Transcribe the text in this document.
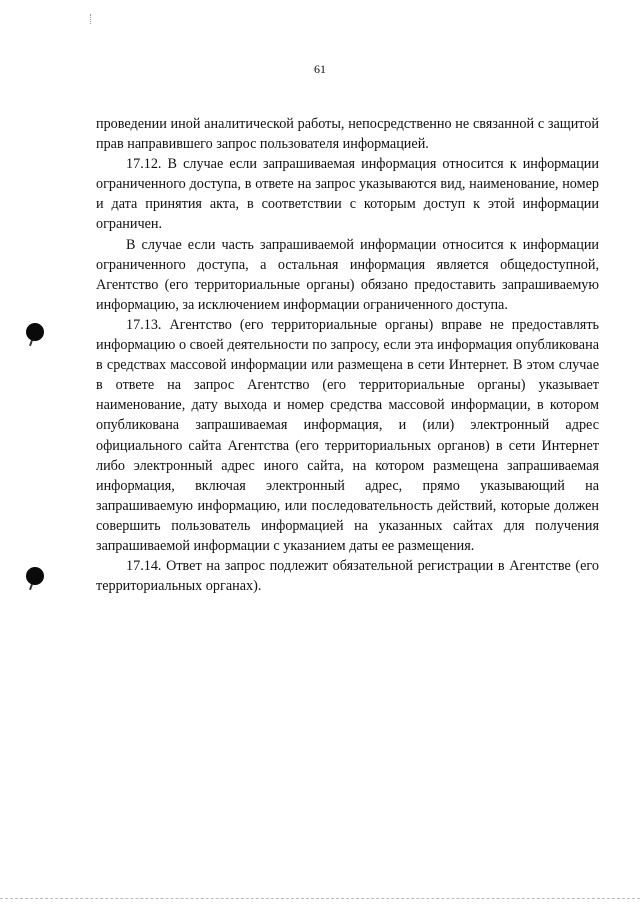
61

проведении иной аналитической работы, непосредственно не связанной с защитой прав направившего запрос пользователя информацией.

17.12. В случае если запрашиваемая информация относится к информации ограниченного доступа, в ответе на запрос указываются вид, наименование, номер и дата принятия акта, в соответствии с которым доступ к этой информации ограничен.

В случае если часть запрашиваемой информации относится к информации ограниченного доступа, а остальная информация является общедоступной, Агентство (его территориальные органы) обязано предоставить запрашиваемую информацию, за исключением информации ограниченного доступа.

17.13. Агентство (его территориальные органы) вправе не предоставлять информацию о своей деятельности по запросу, если эта информация опубликована в средствах массовой информации или размещена в сети Интернет. В этом случае в ответе на запрос Агентство (его территориальные органы) указывает наименование, дату выхода и номер средства массовой информации, в котором опубликована запрашиваемая информация, и (или) электронный адрес официального сайта Агентства (его территориальных органов) в сети Интернет либо электронный адрес иного сайта, на котором размещена запрашиваемая информация, включая электронный адрес, прямо указывающий на запрашиваемую информацию, или последовательность действий, которые должен совершить пользователь информацией на указанных сайтах для получения запрашиваемой информации с указанием даты ее размещения.

17.14. Ответ на запрос подлежит обязательной регистрации в Агентстве (его территориальных органах).
